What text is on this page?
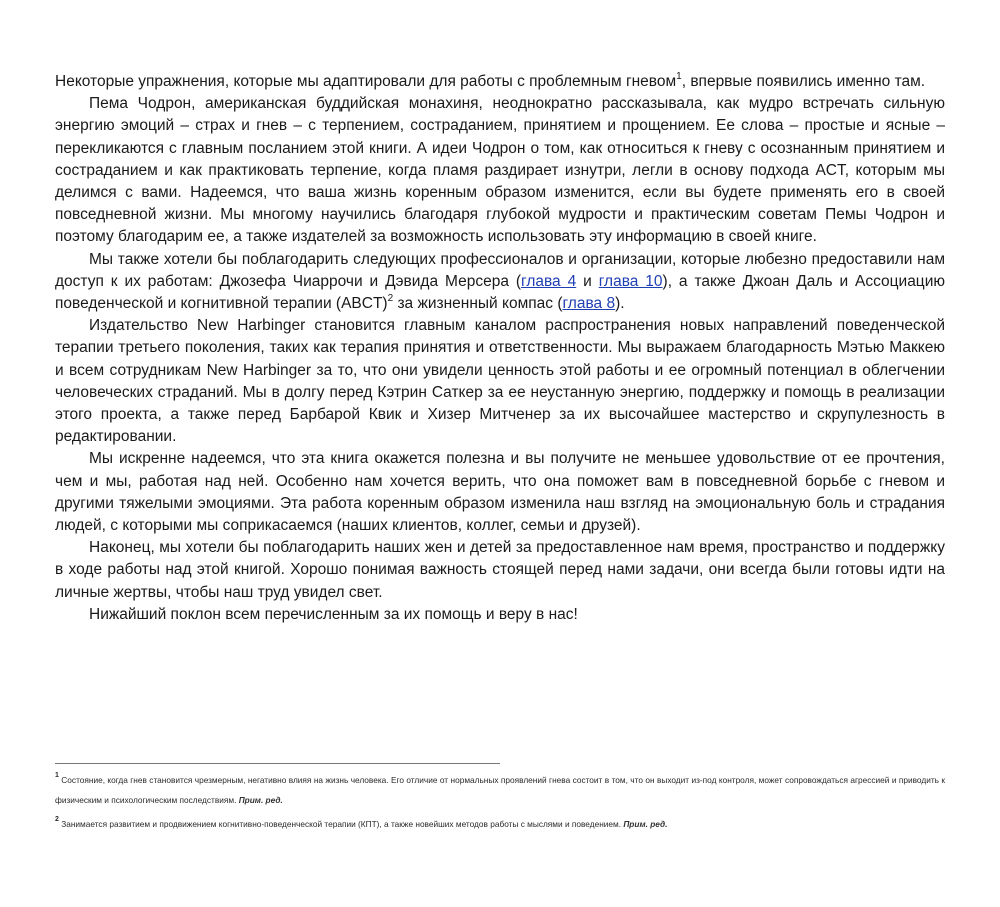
Некоторые упражнения, которые мы адаптировали для работы с проблемным гневом$^1$, впервые появились именно там.

Пема Чодрон, американская буддийская монахиня, неоднократно рассказывала, как мудро встречать сильную энергию эмоций – страх и гнев – с терпением, состраданием, принятием и прощением. Ее слова – простые и ясные – перекликаются с главным посланием этой книги. А идеи Чодрон о том, как относиться к гневу с осознанным принятием и состраданием и как практиковать терпение, когда пламя раздирает изнутри, легли в основу подхода ACT, которым мы делимся с вами. Надеемся, что ваша жизнь коренным образом изменится, если вы будете применять его в своей повседневной жизни. Мы многому научились благодаря глубокой мудрости и практическим советам Пемы Чодрон и поэтому благодарим ее, а также издателей за возможность использовать эту информацию в своей книге.

Мы также хотели бы поблагодарить следующих профессионалов и организации, которые любезно предоставили нам доступ к их работам: Джозефа Чиаррочи и Дэвида Мерсера (глава 4 и глава 10), а также Джоан Даль и Ассоциацию поведенческой и когнитивной терапии (ABCT)$^2$ за жизненный компас (глава 8).

Издательство New Harbinger становится главным каналом распространения новых направлений поведенческой терапии третьего поколения, таких как терапия принятия и ответственности. Мы выражаем благодарность Мэтью Маккею и всем сотрудникам New Harbinger за то, что они увидели ценность этой работы и ее огромный потенциал в облегчении человеческих страданий. Мы в долгу перед Кэтрин Саткер за ее неустанную энергию, поддержку и помощь в реализации этого проекта, а также перед Барбарой Квик и Хизер Митченер за их высочайшее мастерство и скрупулезность в редактировании.

Мы искренне надеемся, что эта книга окажется полезна и вы получите не меньшее удовольствие от ее прочтения, чем и мы, работая над ней. Особенно нам хочется верить, что она поможет вам в повседневной борьбе с гневом и другими тяжелыми эмоциями. Эта работа коренным образом изменила наш взгляд на эмоциональную боль и страдания людей, с которыми мы соприкасаемся (наших клиентов, коллег, семьи и друзей).

Наконец, мы хотели бы поблагодарить наших жен и детей за предоставленное нам время, пространство и поддержку в ходе работы над этой книгой. Хорошо понимая важность стоящей перед нами задачи, они всегда были готовы идти на личные жертвы, чтобы наш труд увидел свет.

Нижайший поклон всем перечисленным за их помощь и веру в нас!

$^1$ Состояние, когда гнев становится чрезмерным, негативно влияя на жизнь человека. Его отличие от нормальных проявлений гнева состоит в том, что он выходит из-под контроля, может сопровождаться агрессией и приводить к физическим и психологическим последствиям. Прим. ред.

$^2$ Занимается развитием и продвижением когнитивно-поведенческой терапии (КПТ), а также новейших методов работы с мыслями и поведением. Прим. ред.
